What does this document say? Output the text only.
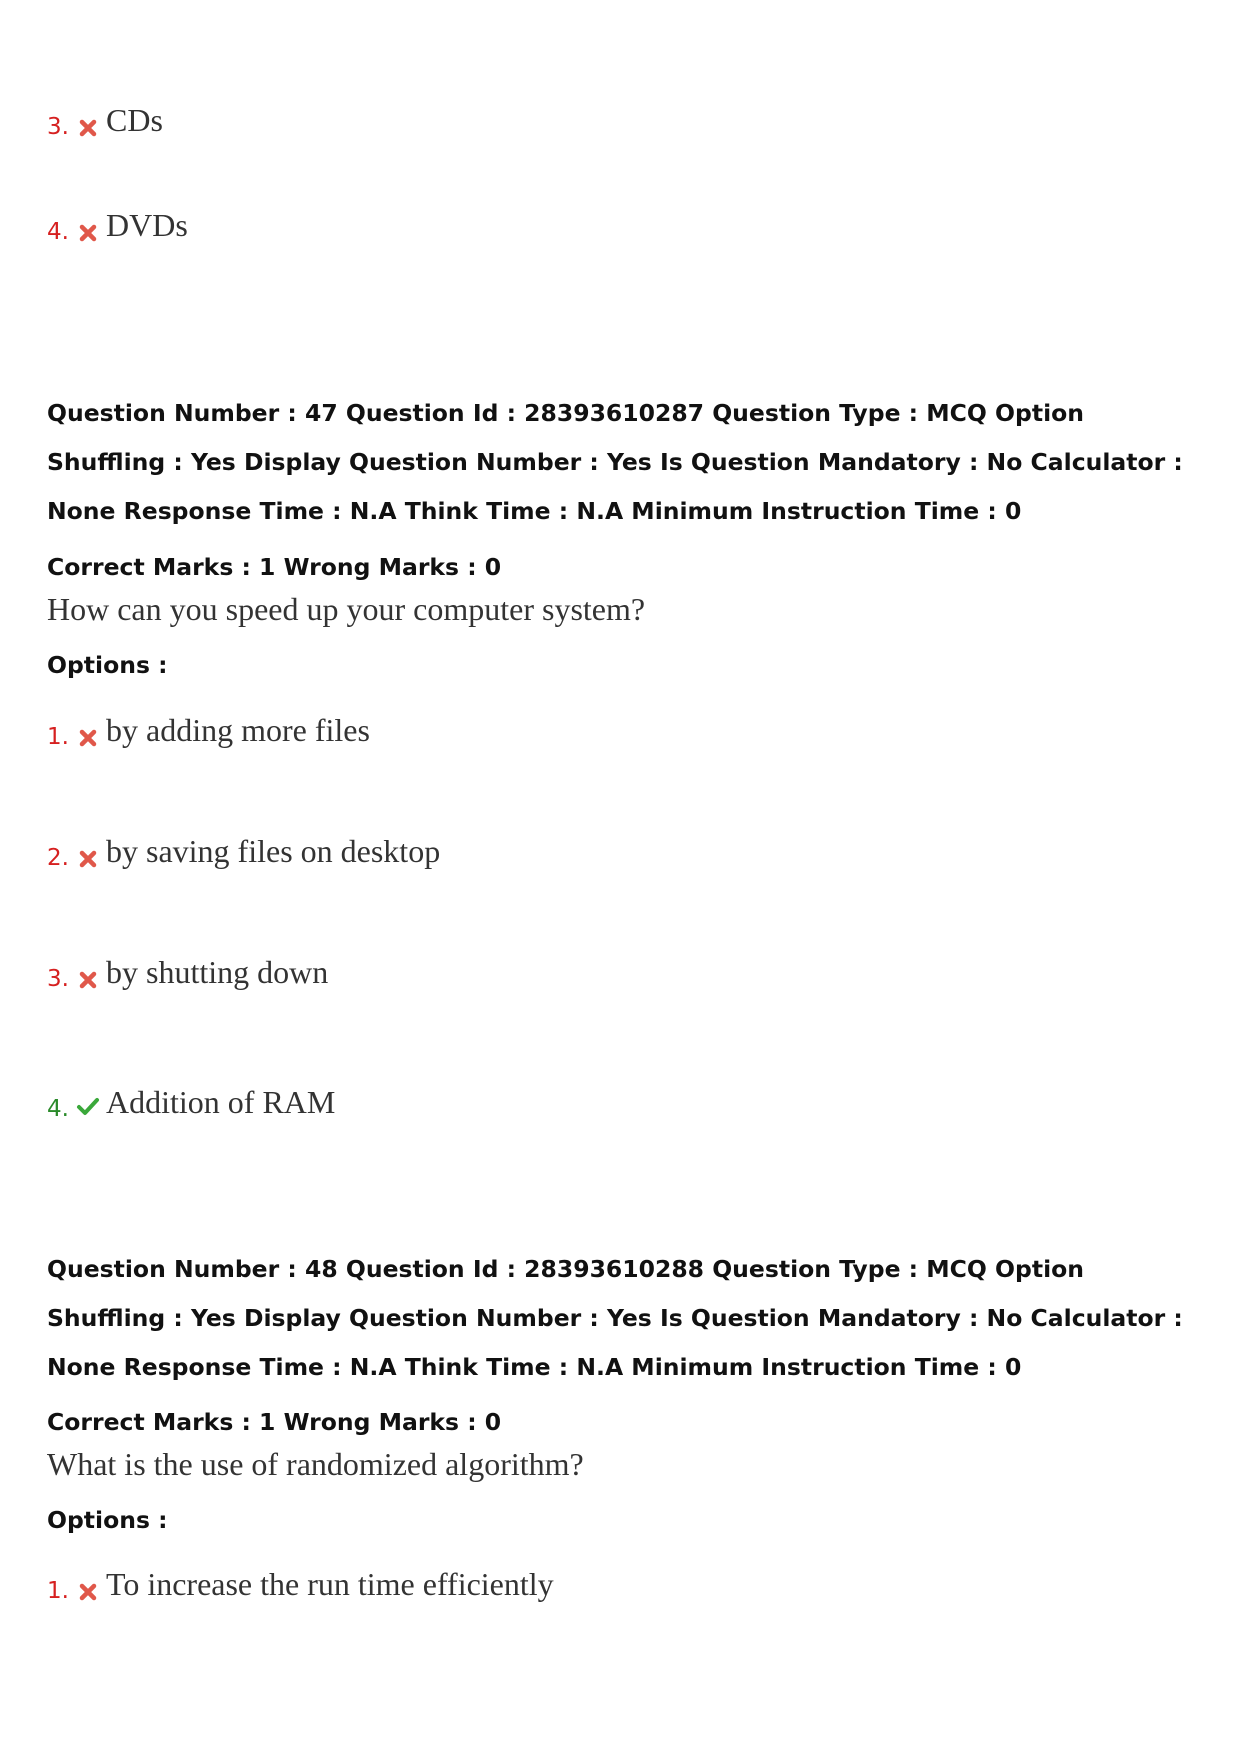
3. CDs
4. DVDs
Question Number : 47 Question Id : 28393610287 Question Type : MCQ Option Shuffling : Yes Display Question Number : Yes Is Question Mandatory : No Calculator : None Response Time : N.A Think Time : N.A Minimum Instruction Time : 0
Correct Marks : 1 Wrong Marks : 0
How can you speed up your computer system?
Options :
1. by adding more files
2. by saving files on desktop
3. by shutting down
4. Addition of RAM
Question Number : 48 Question Id : 28393610288 Question Type : MCQ Option Shuffling : Yes Display Question Number : Yes Is Question Mandatory : No Calculator : None Response Time : N.A Think Time : N.A Minimum Instruction Time : 0
Correct Marks : 1 Wrong Marks : 0
What is the use of randomized algorithm?
Options :
1. To increase the run time efficiently
